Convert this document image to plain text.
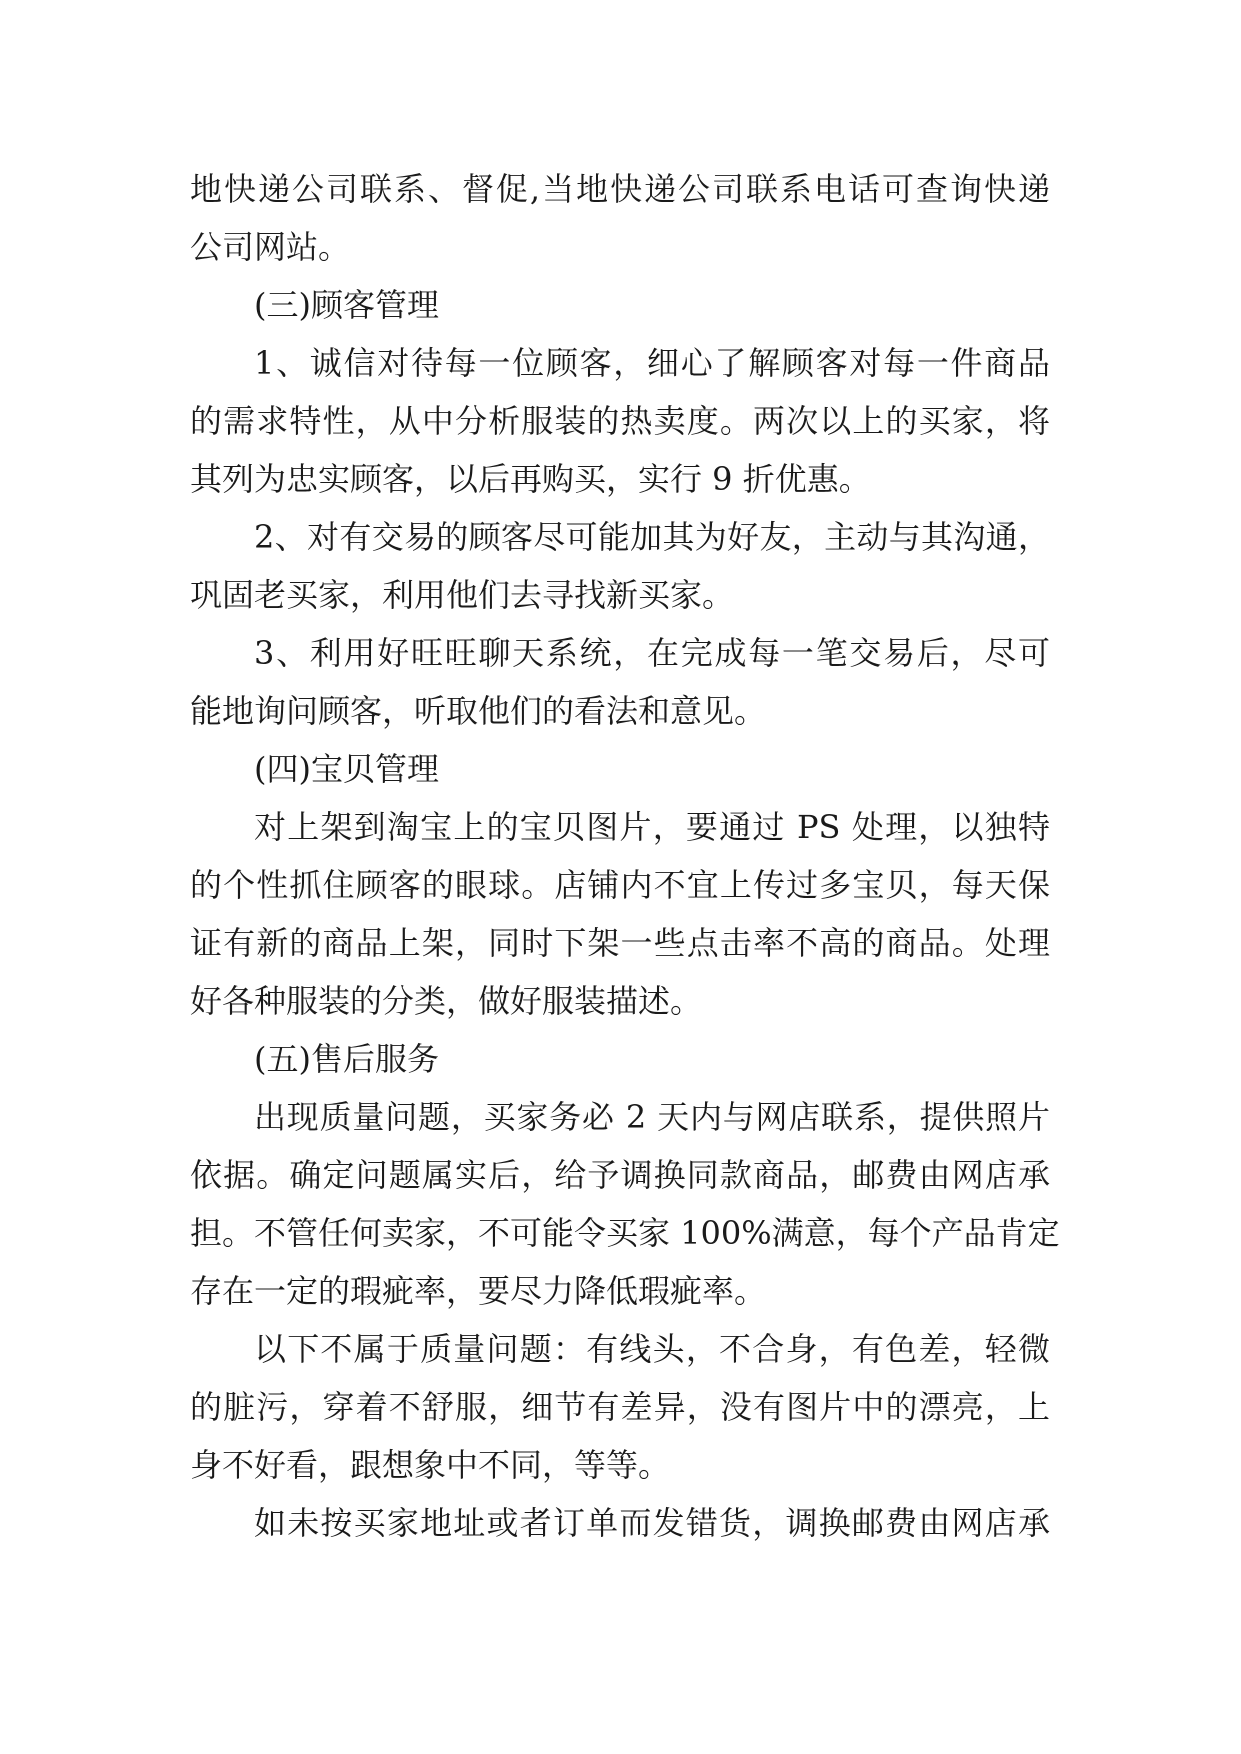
地快递公司联系、督促,当地快递公司联系电话可查询快递
公司网站。
(三)顾客管理
1、诚信对待每一位顾客，细心了解顾客对每一件商品
的需求特性，从中分析服装的热卖度。两次以上的买家，将
其列为忠实顾客，以后再购买，实行 9 折优惠。
2、对有交易的顾客尽可能加其为好友，主动与其沟通，
巩固老买家，利用他们去寻找新买家。
3、利用好旺旺聊天系统，在完成每一笔交易后，尽可
能地询问顾客，听取他们的看法和意见。
(四)宝贝管理
对上架到淘宝上的宝贝图片，要通过 PS 处理，以独特
的个性抓住顾客的眼球。店铺内不宜上传过多宝贝，每天保
证有新的商品上架，同时下架一些点击率不高的商品。处理
好各种服装的分类，做好服装描述。
(五)售后服务
出现质量问题，买家务必 2 天内与网店联系，提供照片
依据。确定问题属实后，给予调换同款商品，邮费由网店承
担。不管任何卖家，不可能令买家 100%满意，每个产品肯定
存在一定的瑕疵率，要尽力降低瑕疵率。
以下不属于质量问题：有线头，不合身，有色差，轻微
的脏污，穿着不舒服，细节有差异，没有图片中的漂亮，上
身不好看，跟想象中不同，等等。
如未按买家地址或者订单而发错货，调换邮费由网店承
